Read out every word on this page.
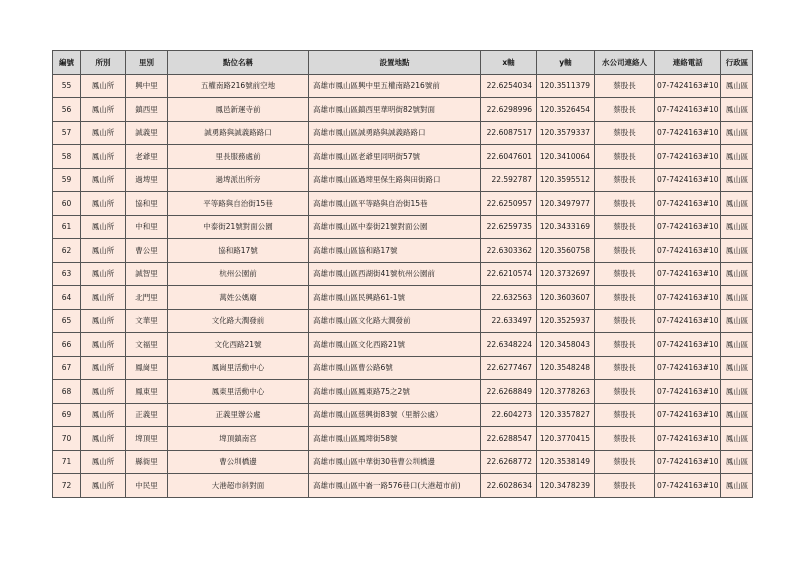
編號	所別	里別	點位名稱	設置地點	x軸	y軸	水公司連絡人	連絡電話	行政區
55	鳳山所	興中里	五權南路216號前空地	高雄市鳳山區興中里五權南路216號前	22.6254034	120.3511379	蔡股長	07-7424163#10	鳳山區
56	鳳山所	鎮西里	鳳邑新運寺前	高雄市鳳山區鎮西里華明街82號對面	22.6298996	120.3526454	蔡股長	07-7424163#10	鳳山區
57	鳳山所	誠義里	誠勇路與誠義路路口	高雄市鳳山區誠勇路與誠義路路口	22.6087517	120.3579337	蔡股長	07-7424163#10	鳳山區
58	鳳山所	老爺里	里長服務處前	高雄市鳳山區老爺里同明街57號	22.6047601	120.3410064	蔡股長	07-7424163#10	鳳山區
59	鳳山所	過埤里	過埤派出所旁	高雄市鳳山區過埤里保生路與田街路口	22.592787	120.3595512	蔡股長	07-7424163#10	鳳山區
60	鳳山所	協和里	平等路與自治街15巷	高雄市鳳山區平等路與自治街15巷	22.6250957	120.3497977	蔡股長	07-7424163#10	鳳山區
61	鳳山所	中和里	中泰街21號對面公園	高雄市鳳山區中泰街21號對面公園	22.6259735	120.3433169	蔡股長	07-7424163#10	鳳山區
62	鳳山所	曹公里	協和路17號	高雄市鳳山區協和路17號	22.6303362	120.3560758	蔡股長	07-7424163#10	鳳山區
63	鳳山所	誠智里	杭州公園前	高雄市鳳山區西湖街41號杭州公園前	22.6210574	120.3732697	蔡股長	07-7424163#10	鳳山區
64	鳳山所	北門里	萬姓公媽廟	高雄市鳳山區民興路61-1號	22.632563	120.3603607	蔡股長	07-7424163#10	鳳山區
65	鳳山所	文華里	文化路大潤發前	高雄市鳳山區文化路大潤發前	22.633497	120.3525937	蔡股長	07-7424163#10	鳳山區
66	鳳山所	文福里	文化西路21號	高雄市鳳山區文化西路21號	22.6348224	120.3458043	蔡股長	07-7424163#10	鳳山區
67	鳳山所	鳳崗里	鳳崗里活動中心	高雄市鳳山區曹公路6號	22.6277467	120.3548248	蔡股長	07-7424163#10	鳳山區
68	鳳山所	鳳東里	鳳東里活動中心	高雄市鳳山區鳳東路75之2號	22.6268849	120.3778263	蔡股長	07-7424163#10	鳳山區
69	鳳山所	正義里	正義里辦公處	高雄市鳳山區慈興街83號（里辦公處）	22.604273	120.3357827	蔡股長	07-7424163#10	鳳山區
70	鳳山所	埤頂里	埤頂鎮南宮	高雄市鳳山區鳳埤街58號	22.6288547	120.3770415	蔡股長	07-7424163#10	鳳山區
71	鳳山所	縣衙里	曹公圳橋邊	高雄市鳳山區中華街30巷曹公圳橋邊	22.6268772	120.3538149	蔡股長	07-7424163#10	鳳山區
72	鳳山所	中民里	大港超市斜對面	高雄市鳳山區中崙一路576巷口(大港超市前)	22.6028634	120.3478239	蔡股長	07-7424163#10	鳳山區
